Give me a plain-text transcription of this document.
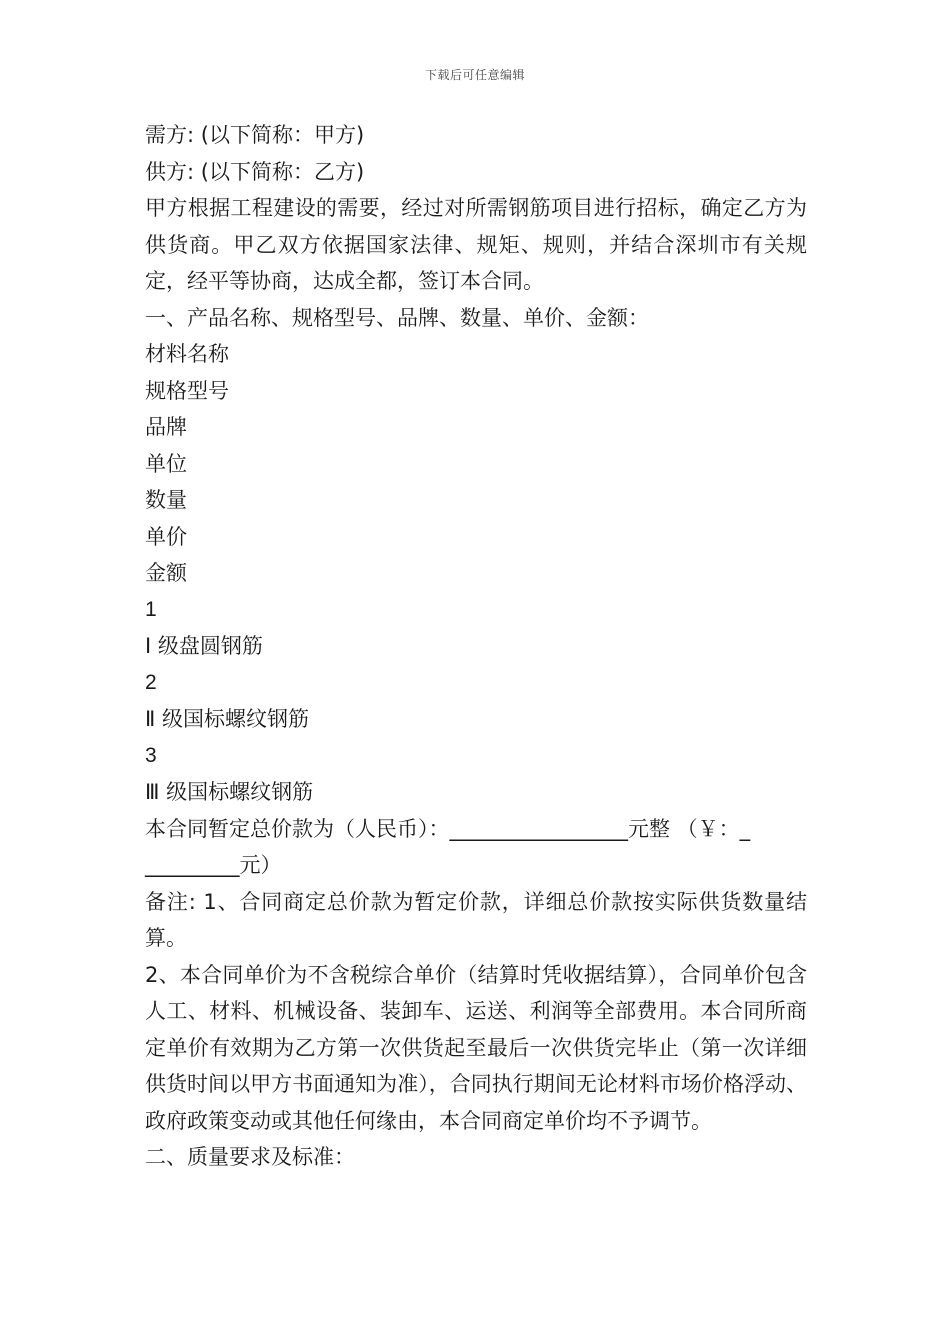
下载后可任意编辑
需方: (以下简称：甲方)
供方: (以下简称：乙方)
甲方根据工程建设的需要，经过对所需钢筋项目进行招标，确定乙方为供货商。甲乙双方依据国家法律、规矩、规则，并结合深圳市有关规定，经平等协商，达成全都，签订本合同。
一、产品名称、规格型号、品牌、数量、单价、金额：
材料名称
规格型号
品牌
单位
数量
单价
金额
1
Ⅰ 级盘圆钢筋
2
Ⅱ 级国标螺纹钢筋
3
Ⅲ 级国标螺纹钢筋
本合同暂定总价款为（人民币）：_________________元整 （￥：_
_________元）
备注: 1、合同商定总价款为暂定价款，详细总价款按实际供货数量结算。
2、本合同单价为不含税综合单价（结算时凭收据结算），合同单价包含人工、材料、机械设备、装卸车、运送、利润等全部费用。本合同所商定单价有效期为乙方第一次供货起至最后一次供货完毕止（第一次详细供货时间以甲方书面通知为准），合同执行期间无论材料市场价格浮动、政府政策变动或其他任何缘由，本合同商定单价均不予调节。
二、质量要求及标准：
